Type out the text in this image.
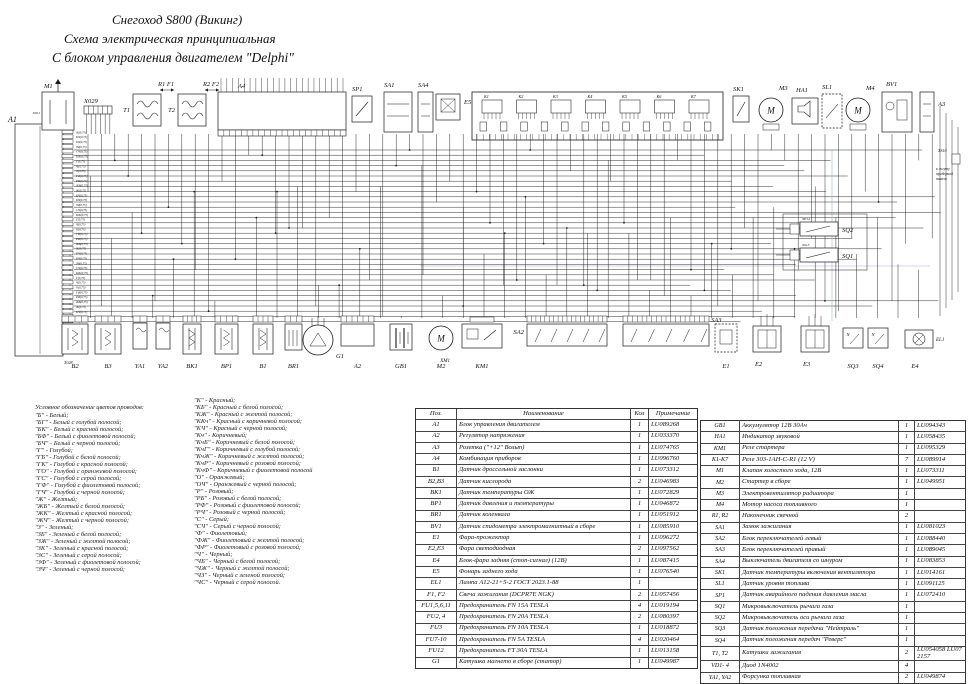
Снегоход S800 (Викинг)
Схема электрическая принципиальная
С блоком управления двигателем "Delphi"
A1
X028
Ж(0,75)
КЧ(0,75)
БЧ(0,75)
ЗЧ(0,75)
СЧ(0,75)
КЖ(0,75)
Г(0,75)
Ч(0,75)
О(0,75)
ГФ(0,75)
РФ(0,75)
ЖБ(0,75)
Ж(0,75)
КЧ(0,75)
БЧ(0,75)
ЗЧ(0,75)
СЧ(0,75)
КЖ(0,75)
Г(0,75)
Ч(0,75)
О(0,75)
ГФ(0,75)
РФ(0,75)
ЖБ(0,75)
Ж(0,75)
КЧ(0,75)
БЧ(0,75)
ЗЧ(0,75)
СЧ(0,75)
КЖ(0,75)
Г(0,75)
Ч(0,75)
О(0,75)
ГФ(0,75)
РФ(0,75)
ЖБ(0,75)
Ж(0,75)
КЧ(0,75)
M1
X021
X029
T1	T2
R1 F1	R2 F2	A4	SP1
SA1	SA4
E5
K1	K2	K3	K4	K5	K6	K7
SK1
M
M3 HA1 SL1
M
M4
BV1
A3
SQ2
XP14
SQ1
XS13
XS10
к жгуту
приборной
панели
B2	B3	YA1 YA2	BK1	BP1	B1	BR1
G1
A2	GB1
XM1
M
M2	KM1
SA2
SA3
E1	E2	E3
N
SQ3
N
SQ4	E4
EL1
Условное обозначение цветов проводов:
"Б" - Белый;
"БГ" - Белый с голубой полосой;
"БК" - Белый с красной полосой;
"БФ" - Белый с фиолетовой полосой;
"БЧ" - Белый с черной полосой;
"Г" - Голубой;
"ГБ" - Голубой с белой полосой;
"ГК" - Голубой с красной полосой;
"ГО" - Голубой с оранжевой полосой;
"ГС" - Голубой с серой полосой;
"ГФ" - Голубой с фиолетовой полосой;
"ГЧ" - Голубой с черной полосой;
"Ж" - Желтый;
"ЖБ" - Желтый с белой полосой;
"ЖК" - Желтый с красной полосой;
"ЖЧ" - Желтый с черной полосой;
"З" - Зеленый;
"ЗБ" - Зеленый с белой полосой;
"ЗЖ" - Зеленый с желтой полосой;
"ЗК" - Зеленый с красной полосой;
"ЗС" - Зеленый с серой полосой;
"ЗФ" - Зеленый с фиолетовой полосой;
"ЗЧ" - Зеленый с черной полосой;
"К" - Красный;
"КБ" - Красный с белой полосой;
"КЖ" - Красный с желтой полосой;
"ККч" - Красный с коричневой полосой;
"КЧ" - Красный с черной полосой;
"Кч" - Коричневый;
"КчБ" - Коричневый с белой полосой;
"КчГ" - Коричневый с голубой полосой;
"КчЖ" - Коричневый с желтой полосой;
"КчР" - Коричневый с розовой полосой;
"КчФ" - Коричневый с фиолетовой полосой
"О" - Оранжевый;
"ОЧ" - Оранжевый с черной полосой;
"Р" - Розовый;
"РБ" - Розовый с белой полосой;
"РФ" - Розовый с фиолетовой полосой;
"РЧ" - Розовый с черной полосой;
"С" - Серый;
"СЧ" - Серый с черной полосой;
"Ф" - Фиолетовый;
"ФЖ" - Фиолетовый с желтой полосой;
"ФР" - Фиолетовый с розовой полосой;
"Ч" - Черный;
"ЧБ" - Черный с белой полосой;
"ЧЖ" - Черный с желтой полосой;
"ЧЗ" - Черный с зеленой полосой;
"ЧС" - Черный с серой полосой.
Поз.	Наименование	Кол	Примечание
A1	Блок управления двигателем	1	LU089268
A2	Регулятор напряжения	1	LU033370
A3	Розетка ("+12" Вольт)	1	LU074765
A4	Комбинация приборов	1	LU096760
B1	Датчик дроссельной заслонки	1	LU073312
B2,B3	Датчик кислорода	2	LU046983
BK1	Датчик температуры ОЖ	1	LU072829
BP1	Датчик давления и температуры	1	LU046872
BR1	Датчик коленвала	1	LU051912
BV1	Датчик спидометра электромагнитный в сборе	1	LU085910
E1	Фара-прожектор	1	LU096272
E2,E3	Фара светодиодная	2	LU097562
E4	Блок-фара задняя (стоп-сигнал) (12В)	1	LU087415
E5	Фонарь заднего хода	1	LU076540
EL1	Лампа А12-21+5-2 ГОСТ 2023.1-88	1
F1, F2	Свеча зажигания (DCPR7E NGK)	2	LU057456
FU1,5,6,11	Предохранитель FN 15A TESLA	4	LU019194
FU2, 4	Предохранитель FN 20A TESLA	2	LU080397
FU3	Предохранитель FN 10A TESLA	1	LU018872
FU7-10	Предохранитель FN 5A TESLA	4	LU020464
FU12	Предохранитель FT 30A TESLA	1	LU013158
G1	Катушка магнето в сборе (статор)	1	LU049987
GB1	Аккумулятор 12В 30Ач	1	LU094343
HA1	Индикатор звуковой	1	LU058435
KM1	Реле стартера	1	LU095329
K1-K7	Реле 303-1АН-С-R1 (12 V)	7	LU089914
M1	Клапан холостого хода, 12В	1	LU073311
M2	Стартер в сборе	1	LU049951
M3	Электровентилятор радиатора	1
M4	Мотор насоса топливного	1
R1, R2	Наконечник свечной	2
SA1	Замок зажигания	1	LU081023
SA2	Блок переключателей левый	1	LU088440
SA3	Блок переключателей правый	1	LU089045
SA4	Выключатель двигателя со шнуром	1	LU083853
SK1	Датчик температуры включения вентилятора	1	LU014161
SL1	Датчик уровня топлива	1	LU091125
SP1	Датчик аварийного падения давления масла	1	LU072410
SQ1	Микровыключатель рычага газа	1
SQ2	Микровыключатель оси рычага газа	1
SQ3	Датчик положения передачи "Нейтраль"	1
SQ4	Датчик положения передач "Реверс"	1
T1, T2	Катушки зажигания	2	LU054058 LU072157
VD1- 4	Диод 1N4002	4
YA1, YA2	Форсунка топливная	2	LU049874
